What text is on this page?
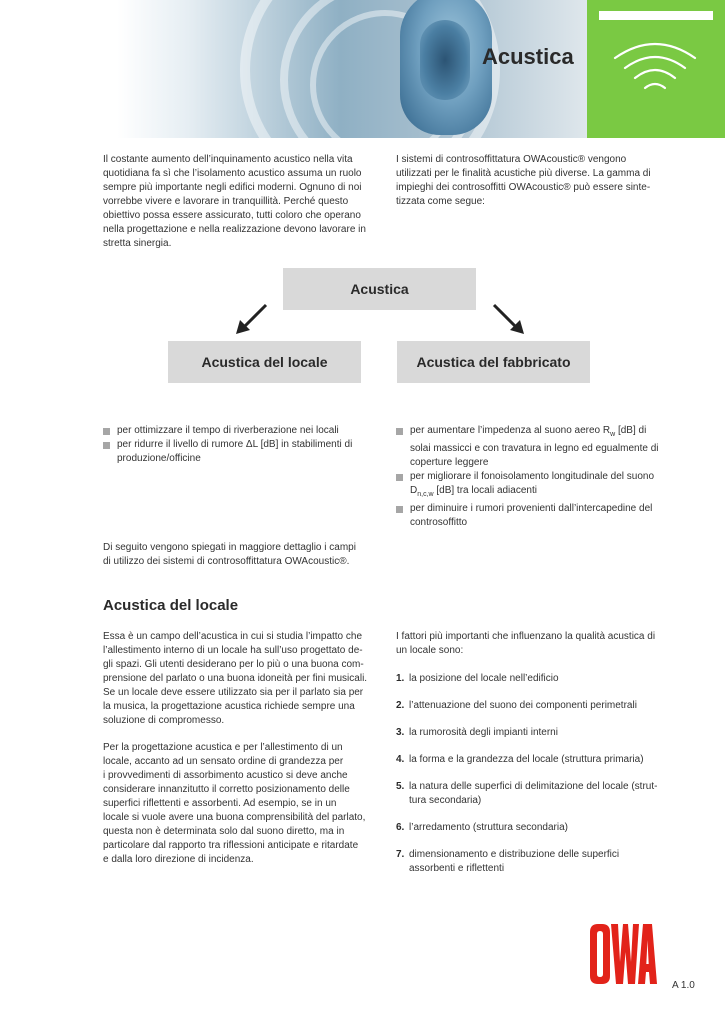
Acustica

Il costante aumento dell’inquinamento acustico nella vita
quotidiana fa sì che l’isolamento acustico assuma un ruolo
sempre più importante negli edifici moderni. Ognuno di noi
vorrebbe vivere e lavorare in tranquillità. Perché questo
obiettivo possa essere assicurato, tutti coloro che operano
nella progettazione e nella realizzazione devono lavorare in
stretta sinergia.

I sistemi di controsoffittatura OWAcoustic® vengono
utilizzati per le finalità acustiche più diverse. La gamma di
impieghi dei controsoffitti OWAcoustic® può essere sinte-
tizzata come segue:

Acustica
Acustica del locale	Acustica del fabbricato
per ottimizzare il tempo di riverberazione nei locali
per ridurre il livello di rumore ΔL [dB] in stabilimenti di
produzione/officine
per aumentare l’impedenza al suono aereo $R_w$ [dB] di
solai massicci e con travatura in legno ed egualmente di
coperture leggere
per migliorare il fonoisolamento longitudinale del suono
$D_{n,c,w}$ [dB] tra locali adiacenti
per diminuire i rumori provenienti dall’intercapedine del
controsoffitto

Di seguito vengono spiegati in maggiore dettaglio i campi
di utilizzo dei sistemi di controsoffittatura OWAcoustic®.

Acustica del locale

Essa è un campo dell’acustica in cui si studia l’impatto che
l’allestimento interno di un locale ha sull’uso progettato de-
gli spazi. Gli utenti desiderano per lo più o una buona com-
prensione del parlato o una buona idoneità per fini musicali.
Se un locale deve essere utilizzato sia per il parlato sia per
la musica, la progettazione acustica richiede sempre una
soluzione di compromesso.

Per la progettazione acustica e per l’allestimento di un
locale, accanto ad un sensato ordine di grandezza per
i provvedimenti di assorbimento acustico si deve anche
considerare innanzitutto il corretto posizionamento delle
superfici riflettenti e assorbenti. Ad esempio, se in un
locale si vuole avere una buona comprensibilità del parlato,
questa non è determinata solo dal suono diretto, ma in
particolare dal rapporto tra riflessioni anticipate e ritardate
e dalla loro direzione di incidenza.

I fattori più importanti che influenzano la qualità acustica di
un locale sono:

1. la posizione del locale nell’edificio
2. l’attenuazione del suono dei componenti perimetrali
3. la rumorosità degli impianti interni
4. la forma e la grandezza del locale (struttura primaria)
5. la natura delle superfici di delimitazione del locale (strut-
tura secondaria)
6. l’arredamento (struttura secondaria)
7. dimensionamento e distribuzione delle superfici
assorbenti e riflettenti
A 1.0
